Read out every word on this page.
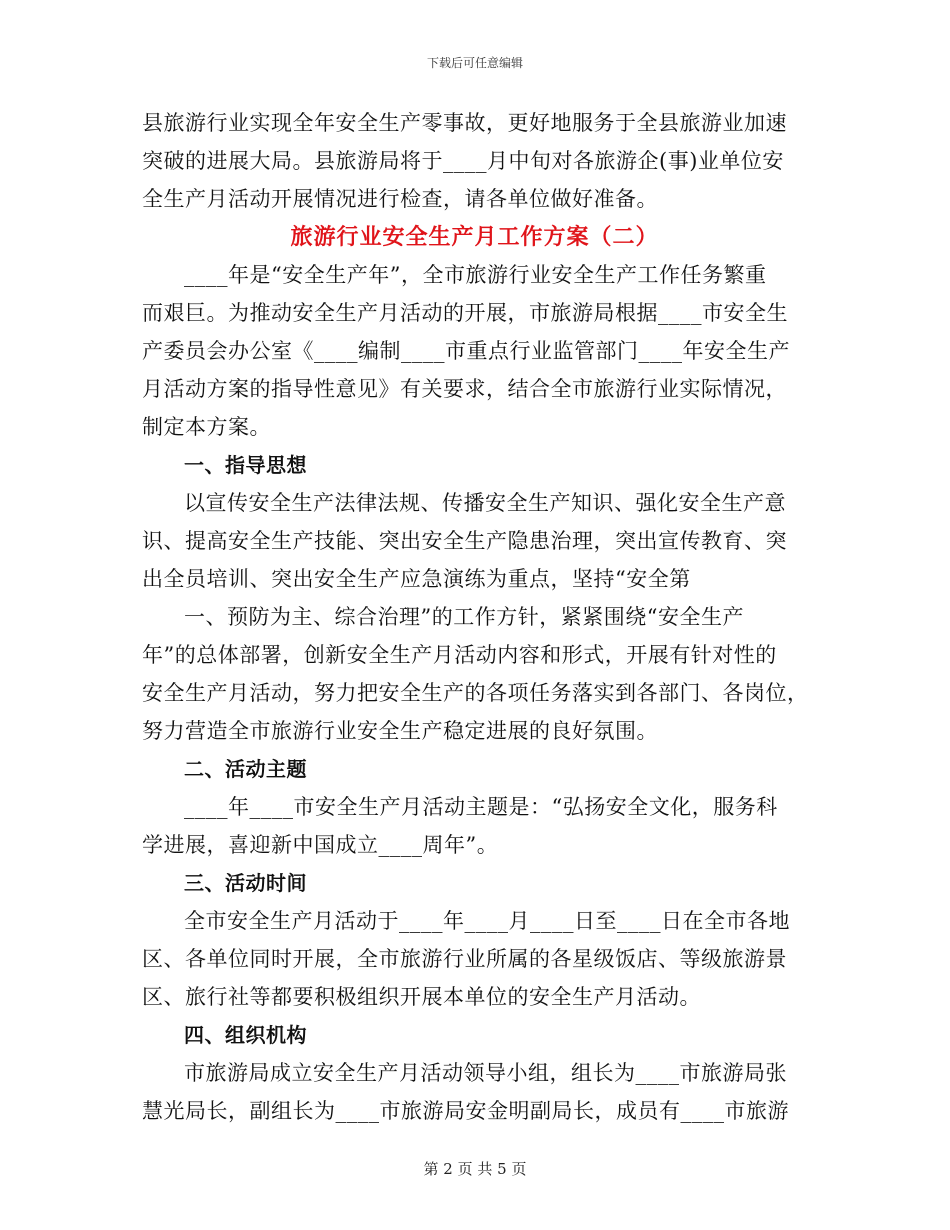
下载后可任意编辑
县旅游行业实现全年安全生产零事故，更好地服务于全县旅游业加速
突破的进展大局。县旅游局将于____月中旬对各旅游企(事)业单位安
全生产月活动开展情况进行检查，请各单位做好准备。
旅游行业安全生产月工作方案（二）
____年是“安全生产年”，全市旅游行业安全生产工作任务繁重
而艰巨。为推动安全生产月活动的开展，市旅游局根据____市安全生
产委员会办公室《____编制____市重点行业监管部门____年安全生产
月活动方案的指导性意见》有关要求，结合全市旅游行业实际情况，
制定本方案。
一、指导思想
以宣传安全生产法律法规、传播安全生产知识、强化安全生产意
识、提高安全生产技能、突出安全生产隐患治理，突出宣传教育、突
出全员培训、突出安全生产应急演练为重点，坚持“安全第
一、预防为主、综合治理”的工作方针，紧紧围绕“安全生产
年”的总体部署，创新安全生产月活动内容和形式，开展有针对性的
安全生产月活动，努力把安全生产的各项任务落实到各部门、各岗位，
努力营造全市旅游行业安全生产稳定进展的良好氛围。
二、活动主题
____年____市安全生产月活动主题是：“弘扬安全文化，服务科
学进展，喜迎新中国成立____周年”。
三、活动时间
全市安全生产月活动于____年____月____日至____日在全市各地
区、各单位同时开展，全市旅游行业所属的各星级饭店、等级旅游景
区、旅行社等都要积极组织开展本单位的安全生产月活动。
四、组织机构
市旅游局成立安全生产月活动领导小组，组长为____市旅游局张
慧光局长，副组长为____市旅游局安金明副局长，成员有____市旅游
第 2 页 共 5 页
